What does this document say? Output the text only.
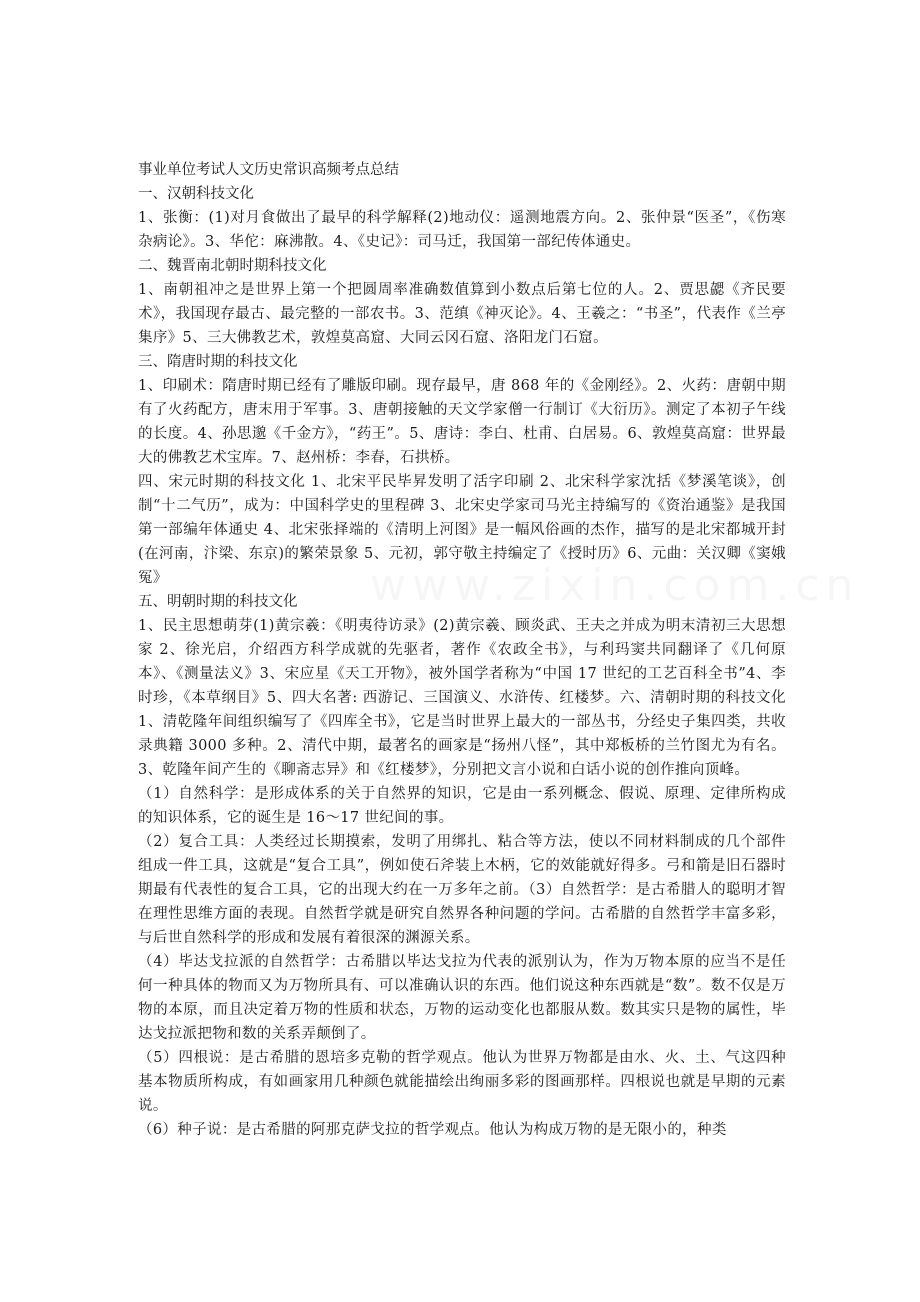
事业单位考试人文历史常识高频考点总结
一、汉朝科技文化

1、张衡：(1)对月食做出了最早的科学解释(2)地动仪：遥测地震方向。2、张仲景“医圣”，《伤寒杂病论》。3、华佗：麻沸散。4、《史记》：司马迁，我国第一部纪传体通史。

二、魏晋南北朝时期科技文化

1、南朝祖冲之是世界上第一个把圆周率准确数值算到小数点后第七位的人。2、贾思勰《齐民要术》，我国现存最古、最完整的一部农书。3、范缜《神灭论》。4、王羲之：“书圣”，代表作《兰亭集序》5、三大佛教艺术，敦煌莫高窟、大同云冈石窟、洛阳龙门石窟。

三、隋唐时期的科技文化

1、印刷术：隋唐时期已经有了雕版印刷。现存最早，唐 868 年的《金刚经》。2、火药：唐朝中期有了火药配方，唐末用于军事。3、唐朝接触的天文学家僧一行制订《大衍历》。测定了本初子午线的长度。4、孙思邈《千金方》，“药王”。5、唐诗：李白、杜甫、白居易。6、敦煌莫高窟：世界最大的佛教艺术宝库。7、赵州桥：李春，石拱桥。

四、宋元时期的科技文化 1、北宋平民毕昇发明了活字印刷 2、北宋科学家沈括《梦溪笔谈》，创制“十二气历”，成为：中国科学史的里程碑 3、北宋史学家司马光主持编写的《资治通鉴》是我国第一部编年体通史 4、北宋张择端的《清明上河图》是一幅风俗画的杰作，描写的是北宋都城开封(在河南，汴梁、东京)的繁荣景象 5、元初，郭守敬主持编定了《授时历》6、元曲：关汉卿《窦娥冤》

五、明朝时期的科技文化

1、民主思想萌芽(1)黄宗羲：《明夷待访录》(2)黄宗羲、顾炎武、王夫之并成为明末清初三大思想家 2、徐光启，介绍西方科学成就的先驱者，著作《农政全书》，与利玛窦共同翻译了《几何原本》、《测量法义》3、宋应星《天工开物》，被外国学者称为“中国 17 世纪的工艺百科全书”4、李时珍，《本草纲目》5、四大名著: 西游记、三国演义、水浒传、红楼梦。六、清朝时期的科技文化 1、清乾隆年间组织编写了《四库全书》，它是当时世界上最大的一部丛书，分经史子集四类，共收录典籍 3000 多种。2、清代中期，最著名的画家是“扬州八怪”，其中郑板桥的兰竹图尤为有名。3、乾隆年间产生的《聊斋志异》和《红楼梦》，分别把文言小说和白话小说的创作推向顶峰。

（1）自然科学：是形成体系的关于自然界的知识，它是由一系列概念、假说、原理、定律所构成的知识体系，它的诞生是 16～17 世纪间的事。

（2）复合工具：人类经过长期摸索，发明了用绑扎、粘合等方法，使以不同材料制成的几个部件组成一件工具，这就是“复合工具”，例如使石斧装上木柄，它的效能就好得多。弓和箭是旧石器时期最有代表性的复合工具，它的出现大约在一万多年之前。（3）自然哲学：是古希腊人的聪明才智在理性思维方面的表现。自然哲学就是研究自然界各种问题的学问。古希腊的自然哲学丰富多彩，与后世自然科学的形成和发展有着很深的渊源关系。

（4）毕达戈拉派的自然哲学：古希腊以毕达戈拉为代表的派别认为，作为万物本原的应当不是任何一种具体的物而又为万物所具有、可以准确认识的东西。他们说这种东西就是“数”。数不仅是万物的本原，而且决定着万物的性质和状态，万物的运动变化也都服从数。数其实只是物的属性，毕达戈拉派把物和数的关系弄颠倒了。

（5）四根说：是古希腊的恩培多克勒的哲学观点。他认为世界万物都是由水、火、土、气这四种基本物质所构成，有如画家用几种颜色就能描绘出绚丽多彩的图画那样。四根说也就是早期的元素说。

（6）种子说：是古希腊的阿那克萨戈拉的哲学观点。他认为构成万物的是无限小的，种类
